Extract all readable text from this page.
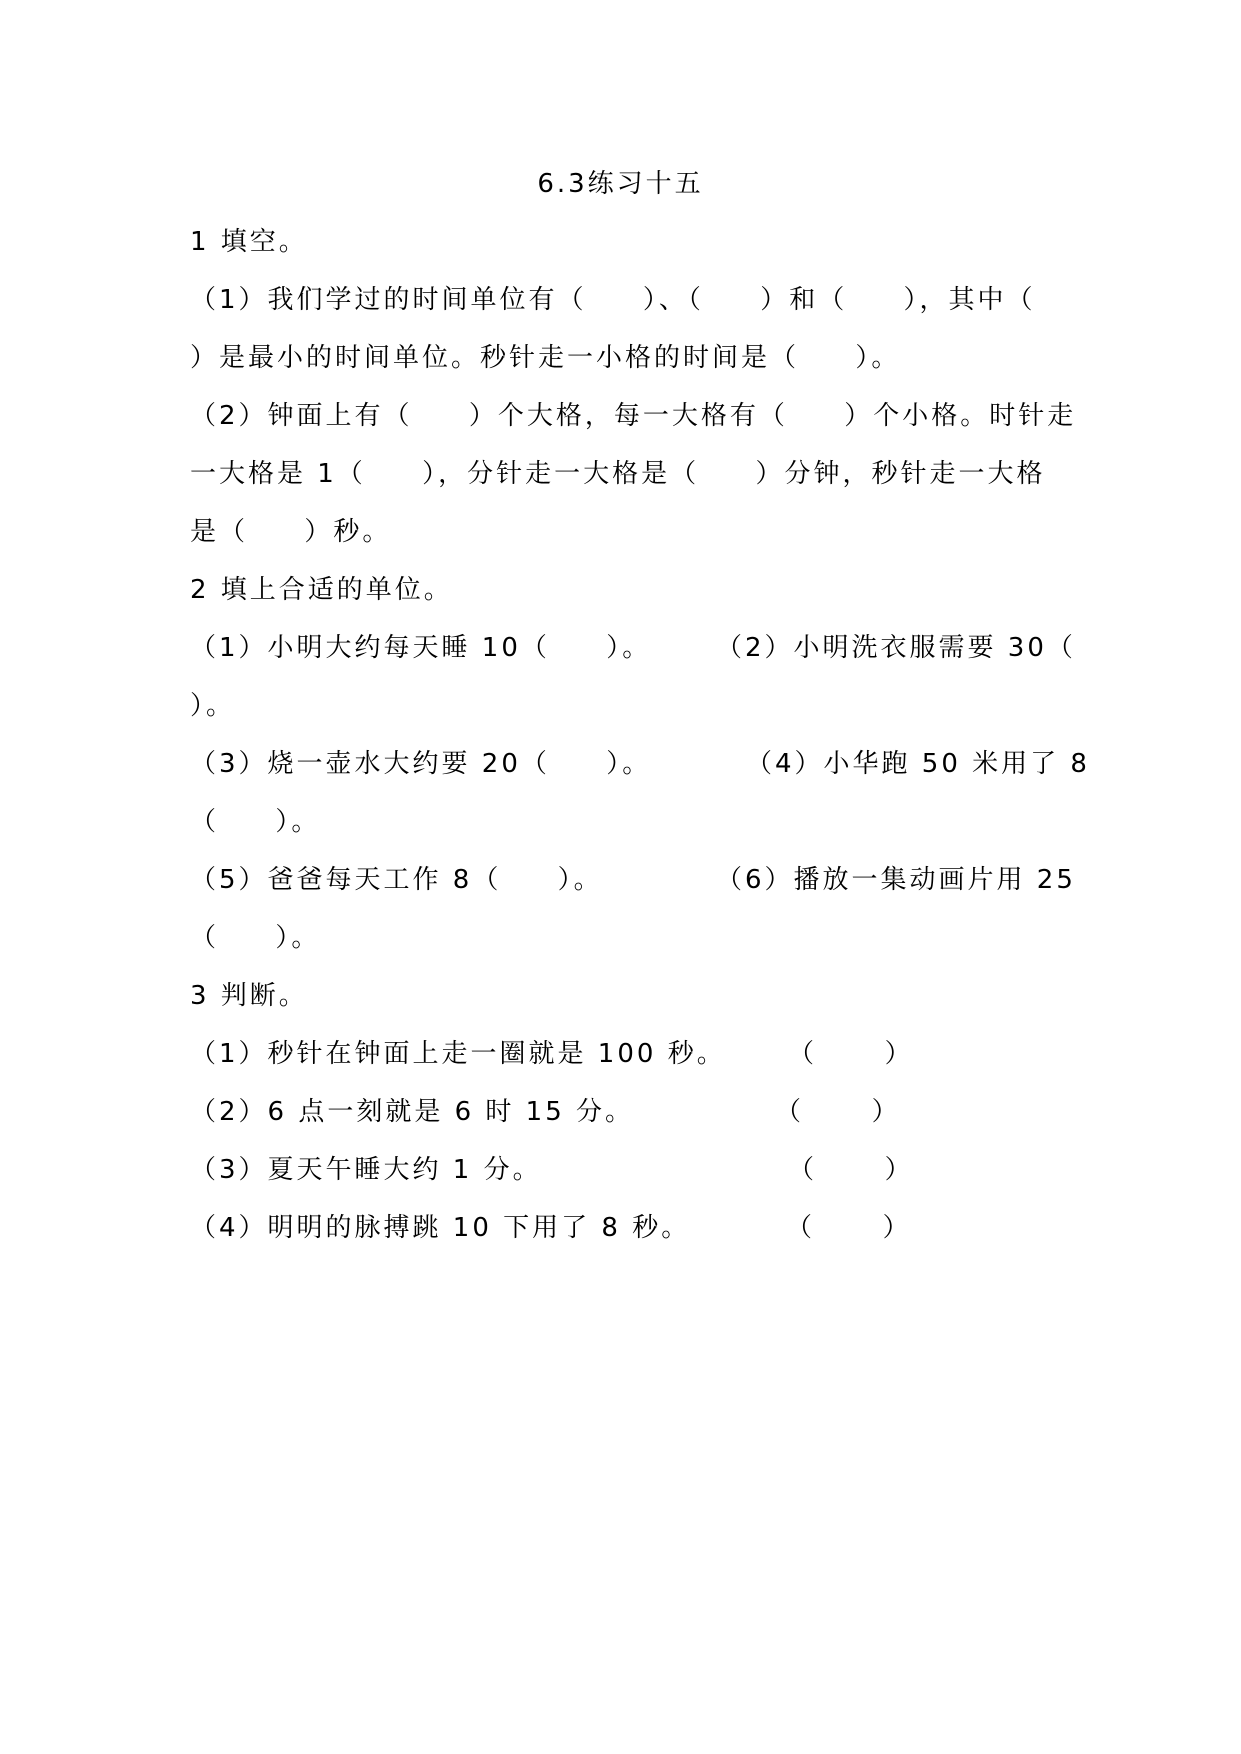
6.3练习十五
1 填空。
（1）我们学过的时间单位有（     ）、（     ）和（     ），其中（
）是最小的时间单位。秒针走一小格的时间是（     ）。
（2）钟面上有（     ）个大格，每一大格有（     ）个小格。时针走
一大格是 1（     ），分针走一大格是（     ）分钟，秒针走一大格
是（     ）秒。
2 填上合适的单位。
（1）小明大约每天睡 10（     ）。 （2）小明洗衣服需要 30（
）。
（3）烧一壶水大约要 20（     ）。	（4）小华跑 50 米用了 8
（     ）。
（5）爸爸每天工作 8（     ）。	（6）播放一集动画片用 25
（     ）。
3 判断。
（1）秒针在钟面上走一圈就是 100 秒。 （      ）
（2）6 点一刻就是 6 时 15 分。	（      ）
（3）夏天午睡大约 1 分。	（      ）
（4）明明的脉搏跳 10 下用了 8 秒。	（      ）
